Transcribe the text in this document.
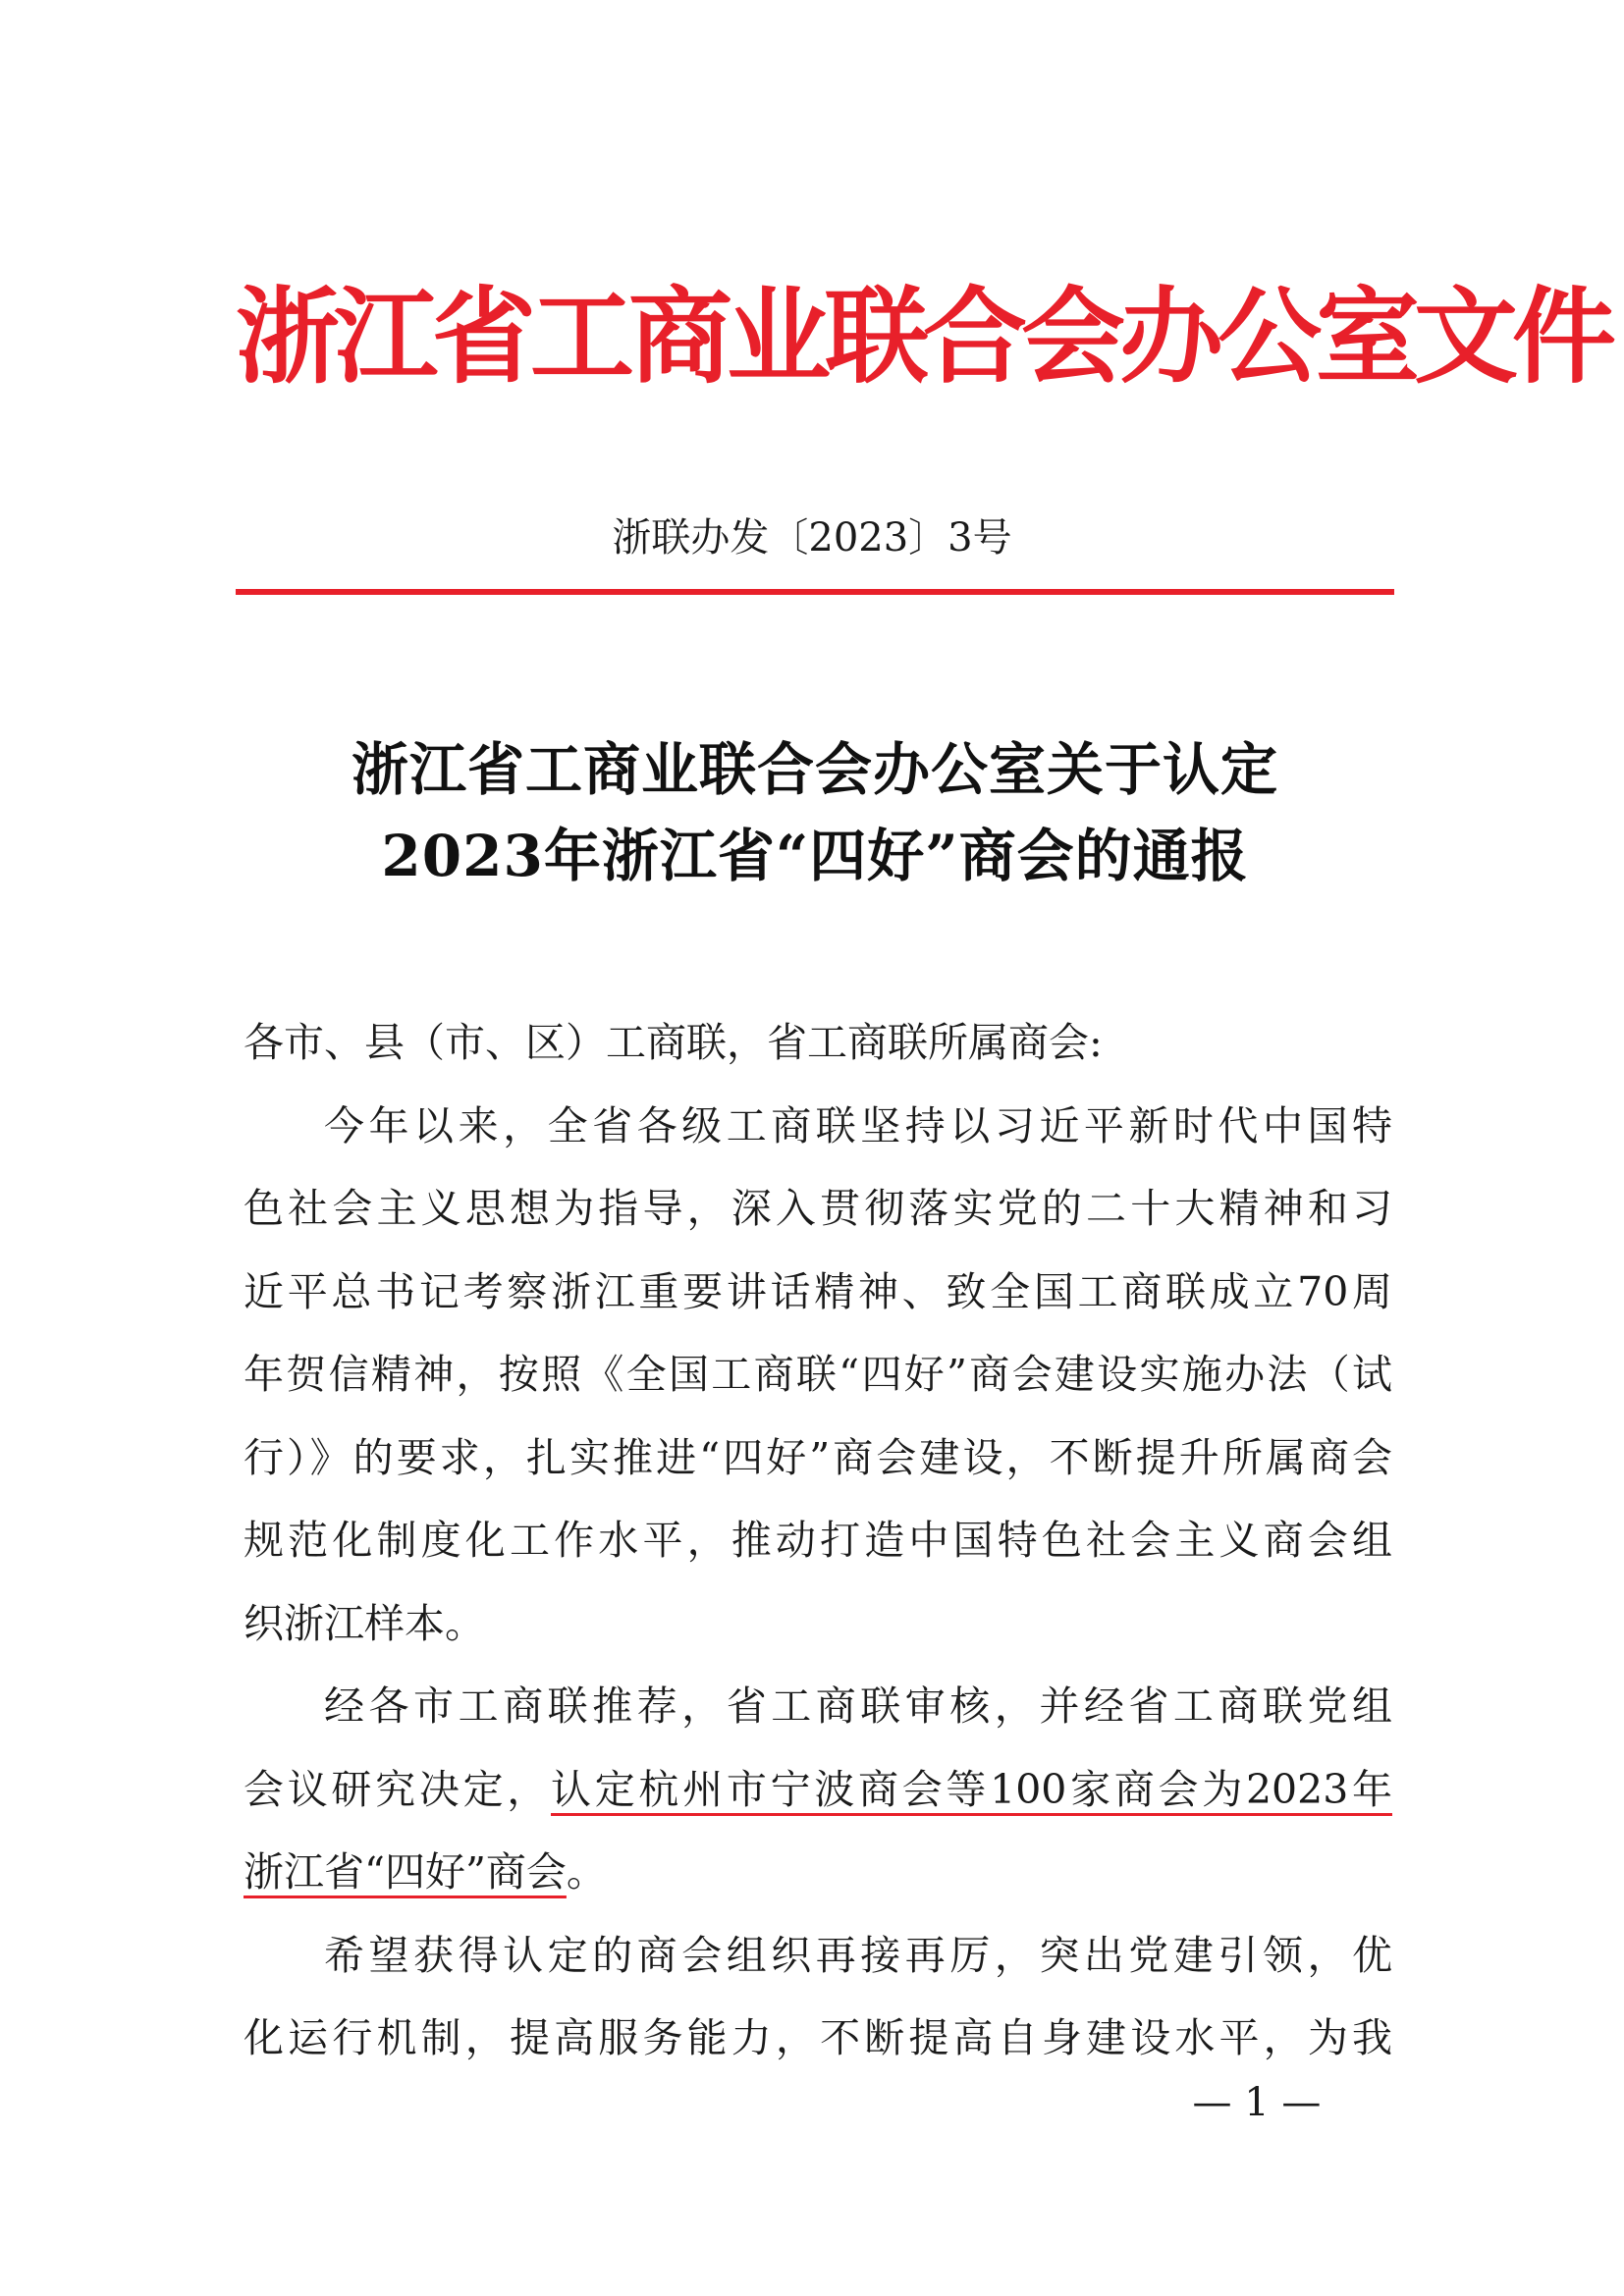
浙江省工商业联合会办公室文件
浙联办发〔2023〕3号
浙江省工商业联合会办公室关于认定
2023年浙江省“四好”商会的通报
各市、县（市、区）工商联，省工商联所属商会:
今年以来，全省各级工商联坚持以习近平新时代中国特
色社会主义思想为指导，深入贯彻落实党的二十大精神和习
近平总书记考察浙江重要讲话精神、致全国工商联成立70周
年贺信精神，按照《全国工商联“四好”商会建设实施办法（试
行）》的要求，扎实推进“四好”商会建设，不断提升所属商会
规范化制度化工作水平，推动打造中国特色社会主义商会组
织浙江样本。
经各市工商联推荐，省工商联审核，并经省工商联党组
会议研究决定，认定杭州市宁波商会等100家商会为2023年
浙江省“四好”商会。
希望获得认定的商会组织再接再厉，突出党建引领，优
化运行机制，提高服务能力，不断提高自身建设水平，为我
— 1 —
